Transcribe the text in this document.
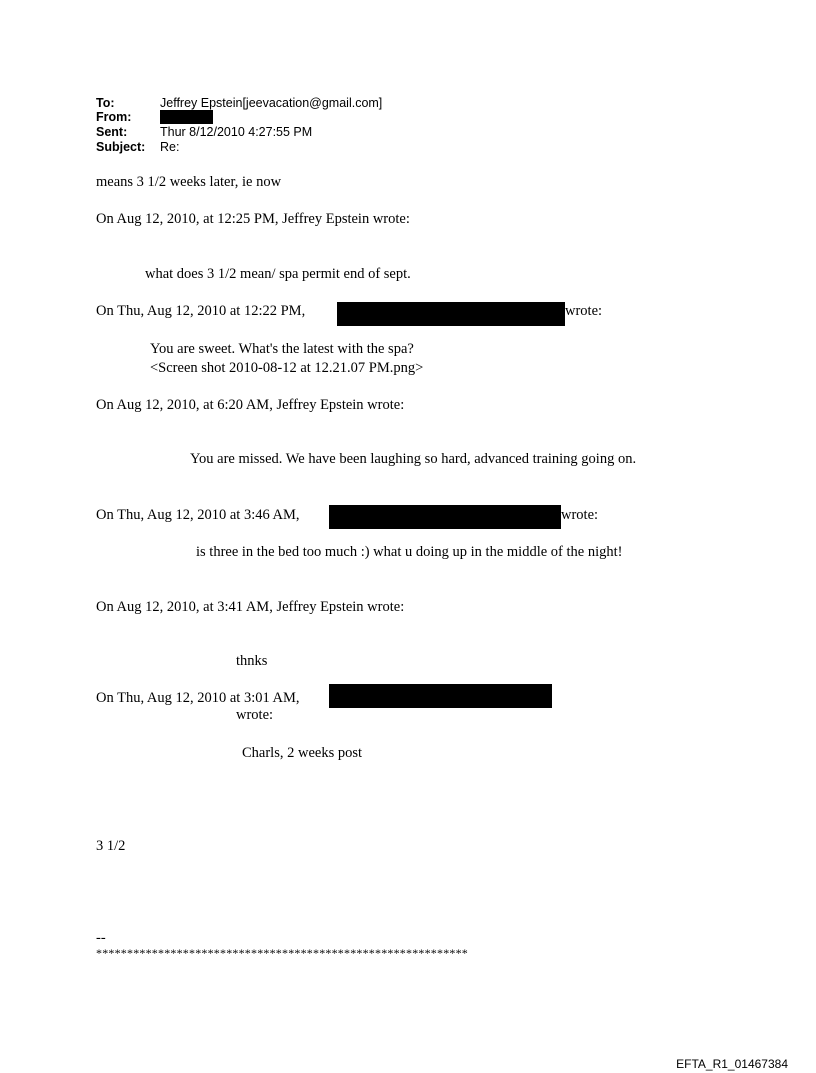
To:	Jeffrey Epstein[jeevacation@gmail.com]
From:
Sent:	Thur 8/12/2010 4:27:55 PM
Subject: Re:
means 3 1/2 weeks later, ie now
On Aug 12, 2010, at 12:25 PM, Jeffrey Epstein wrote:
what does 3 1/2 mean/ spa permit end of sept.
On Thu, Aug 12, 2010 at 12:22 PM,	wrote:
You are sweet. What's the latest with the spa?
<Screen shot 2010-08-12 at 12.21.07 PM.png>
On Aug 12, 2010, at 6:20 AM, Jeffrey Epstein wrote:
You are missed. We have been laughing so hard, advanced training going on.
On Thu, Aug 12, 2010 at 3:46 AM,	wrote:
is three in the bed too much :) what u doing up in the middle of the night!
On Aug 12, 2010, at 3:41 AM, Jeffrey Epstein wrote:
thnks
On Thu, Aug 12, 2010 at 3:01 AM,
wrote:
Charls, 2 weeks post
3 1/2
--
************************************************************
EFTA_R1_01467384
